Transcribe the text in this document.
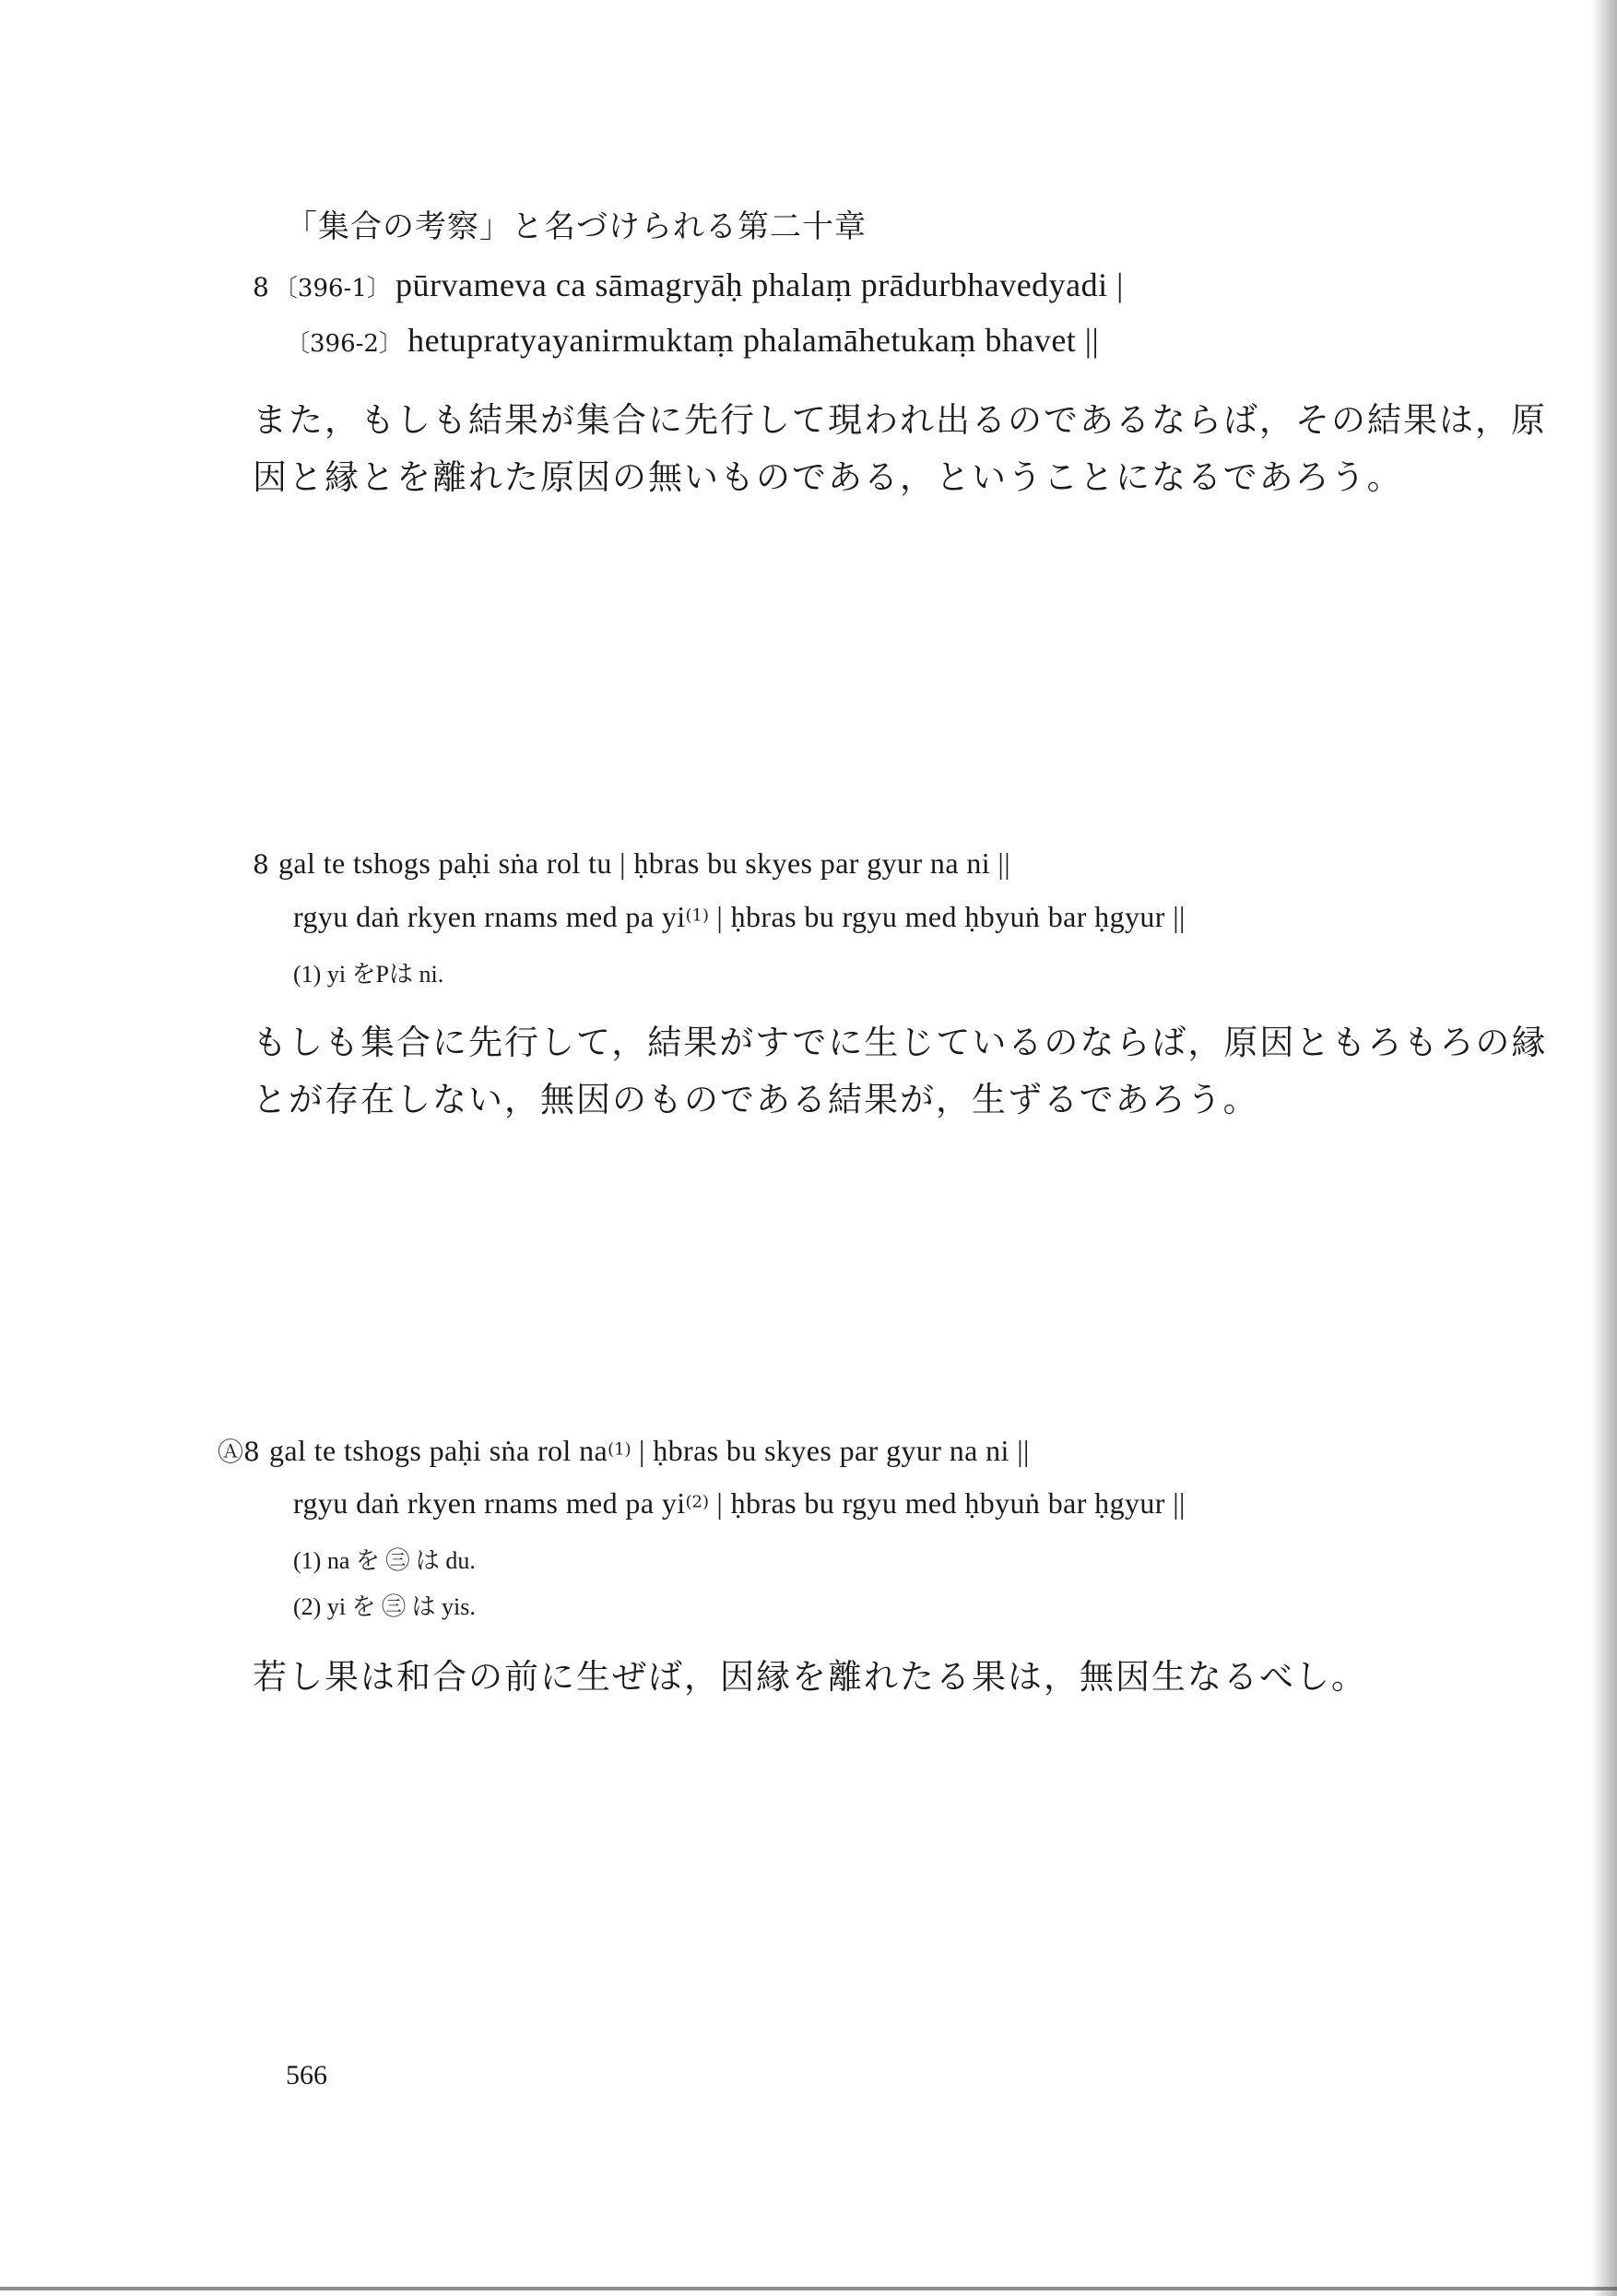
「集合の考察」と名づけられる第二十章
8 〔396-1〕 pūrvameva ca sāmagryāḥ phalaṃ prādurbhavedyadi |
〔396-2〕 hetupratyayanirmuktaṃ phalamāhetukaṃ bhavet ||
また，もしも結果が集合に先行して現われ出るのであるならば，その結果は，原
因と縁とを離れた原因の無いものである，ということになるであろう。
8 gal te tshogs paḥi sṅa rol tu | ḥbras bu skyes par gyur na ni ||
rgyu daṅ rkyen rnams med pa $yi^{(1)}$ | ḥbras bu rgyu med ḥbyuṅ bar ḥgyur ||
(1) yi をPは ni.
もしも集合に先行して，結果がすでに生じているのならば，原因ともろもろの縁
とが存在しない，無因のものである結果が，生ずるであろう。
Ⓐ8 gal te tshogs paḥi sṅa rol $na^{(1)}$ | ḥbras bu skyes par gyur na ni ||
rgyu daṅ rkyen rnams med pa $yi^{(2)}$ | ḥbras bu rgyu med ḥbyuṅ bar ḥgyur ||
(1) na を ㊂ は du.
(2) yi を ㊂ は yis.
若し果は和合の前に生ぜば，因縁を離れたる果は，無因生なるべし。
566
